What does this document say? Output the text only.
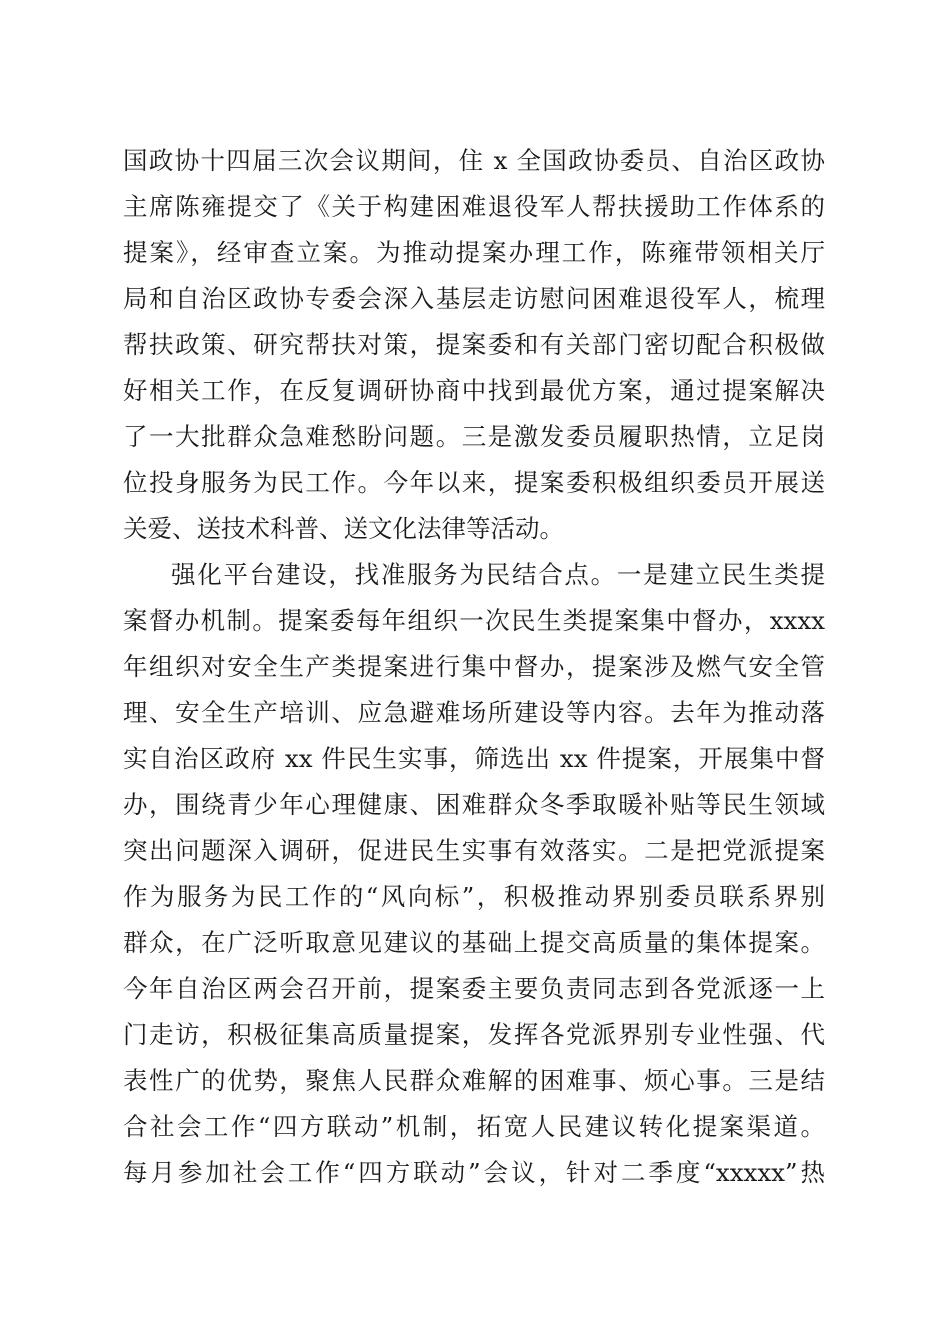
国政协十四届三次会议期间，住 x 全国政协委员、自治区政协
主席陈雍提交了《关于构建困难退役军人帮扶援助工作体系的
提案》，经审查立案。为推动提案办理工作，陈雍带领相关厅
局和自治区政协专委会深入基层走访慰问困难退役军人，梳理
帮扶政策、研究帮扶对策，提案委和有关部门密切配合积极做
好相关工作，在反复调研协商中找到最优方案，通过提案解决
了一大批群众急难愁盼问题。三是激发委员履职热情，立足岗
位投身服务为民工作。今年以来，提案委积极组织委员开展送
关爱、送技术科普、送文化法律等活动。
强化平台建设，找准服务为民结合点。一是建立民生类提
案督办机制。提案委每年组织一次民生类提案集中督办，xxxx
年组织对安全生产类提案进行集中督办，提案涉及燃气安全管
理、安全生产培训、应急避难场所建设等内容。去年为推动落
实自治区政府 xx 件民生实事，筛选出 xx 件提案，开展集中督
办，围绕青少年心理健康、困难群众冬季取暖补贴等民生领域
突出问题深入调研，促进民生实事有效落实。二是把党派提案
作为服务为民工作的“风向标”，积极推动界别委员联系界别
群众，在广泛听取意见建议的基础上提交高质量的集体提案。
今年自治区两会召开前，提案委主要负责同志到各党派逐一上
门走访，积极征集高质量提案，发挥各党派界别专业性强、代
表性广的优势，聚焦人民群众难解的困难事、烦心事。三是结
合社会工作“四方联动”机制，拓宽人民建议转化提案渠道。
每月参加社会工作“四方联动”会议，针对二季度“xxxxx”热
